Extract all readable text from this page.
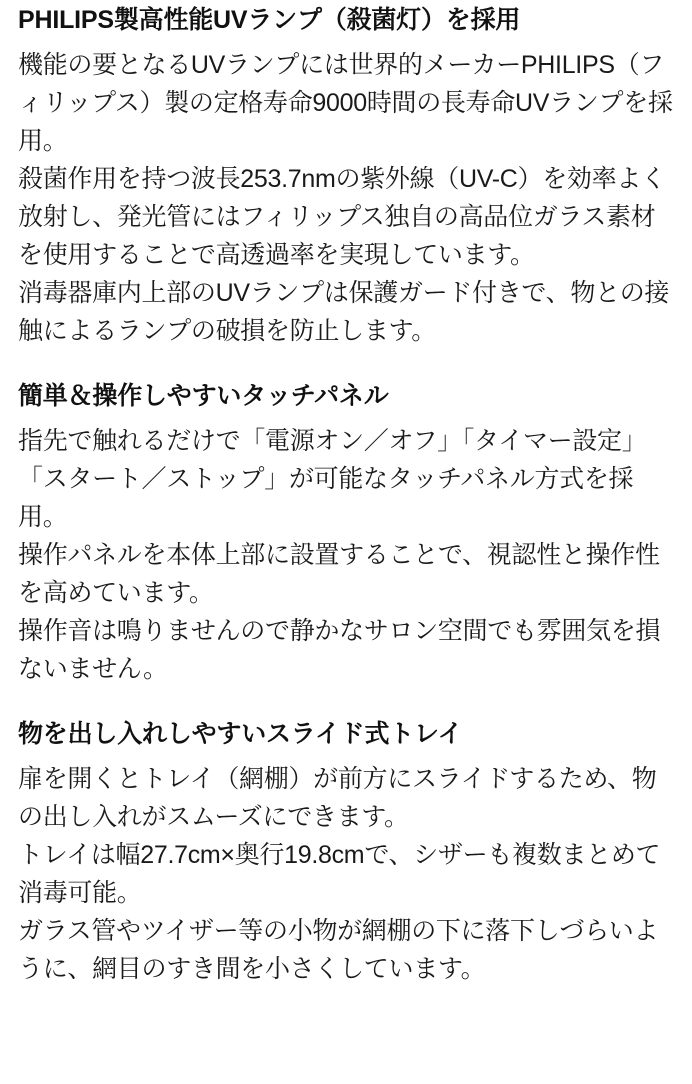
PHILIPS製高性能UVランプ（殺菌灯）を採用

機能の要となるUVランプには世界的メーカーPHILIPS（フィリップス）製の定格寿命9000時間の長寿命UVランプを採用。

殺菌作用を持つ波長253.7nmの紫外線（UV-C）を効率よく放射し、発光管にはフィリップス独自の高品位ガラス素材を使用することで高透過率を実現しています。

消毒器庫内上部のUVランプは保護ガード付きで、物との接触によるランプの破損を防止します。

簡単＆操作しやすいタッチパネル

指先で触れるだけで「電源オン／オフ」「タイマー設定」「スタート／ストップ」が可能なタッチパネル方式を採用。

操作パネルを本体上部に設置することで、視認性と操作性を高めています。

操作音は鳴りませんので静かなサロン空間でも雰囲気を損ないません。

物を出し入れしやすいスライド式トレイ

扉を開くとトレイ（網棚）が前方にスライドするため、物の出し入れがスムーズにできます。

トレイは幅27.7cm×奥行19.8cmで、シザーも複数まとめて消毒可能。

ガラス管やツイザー等の小物が網棚の下に落下しづらいように、網目のすき間を小さくしています。
